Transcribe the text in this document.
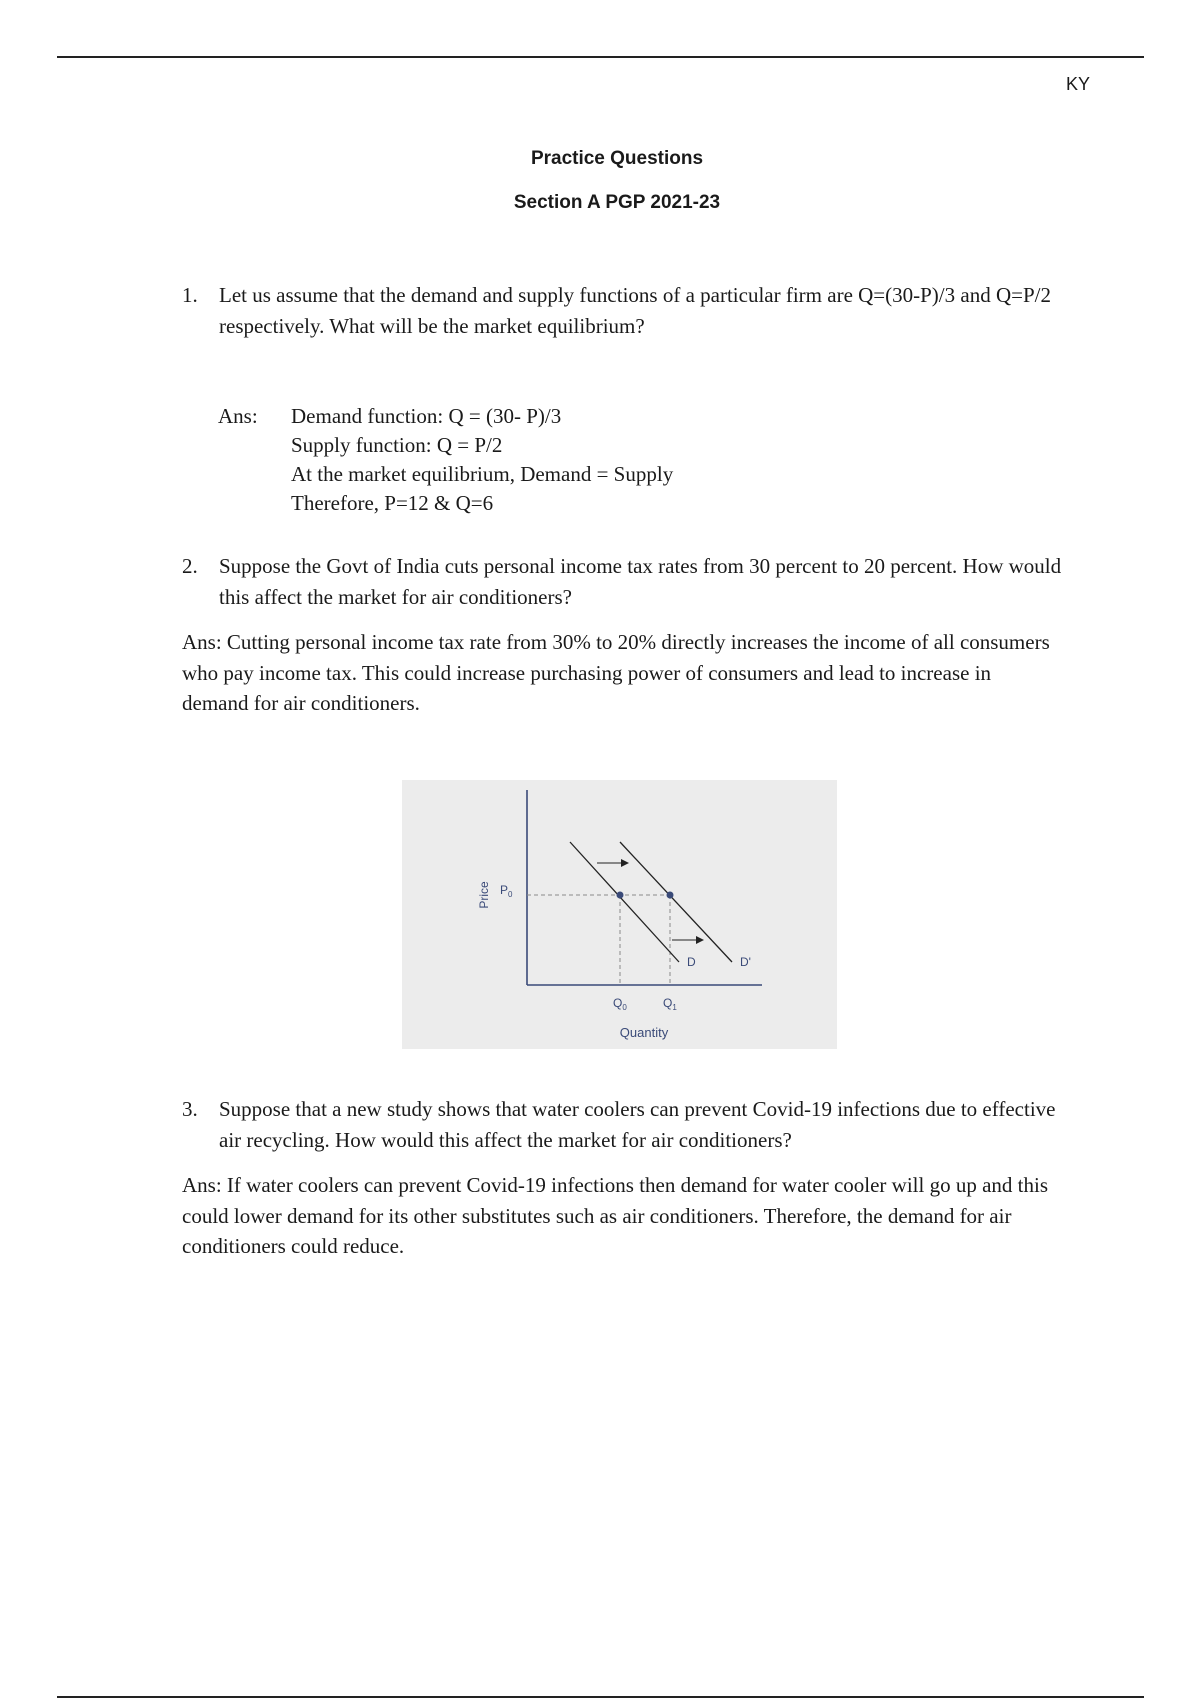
KY
Practice Questions
Section A PGP 2021-23
1. Let us assume that the demand and supply functions of a particular firm are Q=(30-P)/3 and Q=P/2 respectively. What will be the market equilibrium?
Ans: Demand function: Q = (30- P)/3
Supply function: Q = P/2
At the market equilibrium, Demand = Supply
Therefore, P=12 & Q=6
2. Suppose the Govt of India cuts personal income tax rates from 30 percent to 20 percent. How would this affect the market for air conditioners?
Ans: Cutting personal income tax rate from 30% to 20% directly increases the income of all consumers who pay income tax. This could increase purchasing power of consumers and lead to increase in demand for air conditioners.
Price $P_0$
D	D'
$Q_0$	$Q_1$
Quantity
3. Suppose that a new study shows that water coolers can prevent Covid-19 infections due to effective air recycling. How would this affect the market for air conditioners?
Ans: If water coolers can prevent Covid-19 infections then demand for water cooler will go up and this could lower demand for its other substitutes such as air conditioners. Therefore, the demand for air conditioners could reduce.
